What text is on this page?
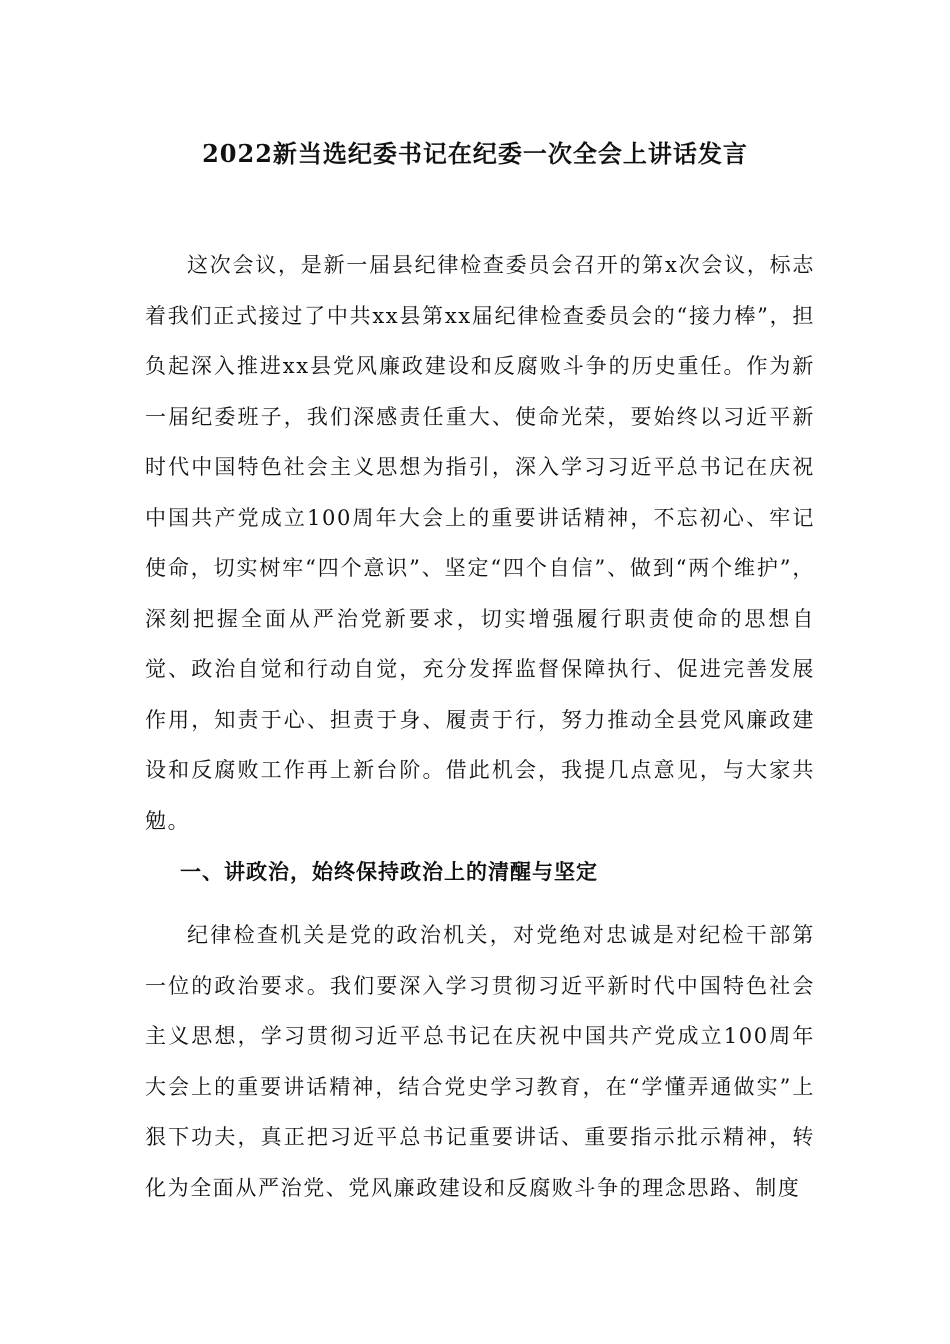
2022新当选纪委书记在纪委一次全会上讲话发言

这次会议，是新一届县纪律检查委员会召开的第x次会议，标志着我们正式接过了中共xx县第xx届纪律检查委员会的“接力棒”，担负起深入推进xx县党风廉政建设和反腐败斗争的历史重任。作为新一届纪委班子，我们深感责任重大、使命光荣，要始终以习近平新时代中国特色社会主义思想为指引，深入学习习近平总书记在庆祝中国共产党成立100周年大会上的重要讲话精神，不忘初心、牢记使命，切实树牢“四个意识”、坚定“四个自信”、做到“两个维护”，深刻把握全面从严治党新要求，切实增强履行职责使命的思想自觉、政治自觉和行动自觉，充分发挥监督保障执行、促进完善发展作用，知责于心、担责于身、履责于行，努力推动全县党风廉政建设和反腐败工作再上新台阶。借此机会，我提几点意见，与大家共勉。

一、讲政治，始终保持政治上的清醒与坚定

纪律检查机关是党的政治机关，对党绝对忠诚是对纪检干部第一位的政治要求。我们要深入学习贯彻习近平新时代中国特色社会主义思想，学习贯彻习近平总书记在庆祝中国共产党成立100周年大会上的重要讲话精神，结合党史学习教育，在“学懂弄通做实”上狠下功夫，真正把习近平总书记重要讲话、重要指示批示精神，转化为全面从严治党、党风廉政建设和反腐败斗争的理念思路、制度
